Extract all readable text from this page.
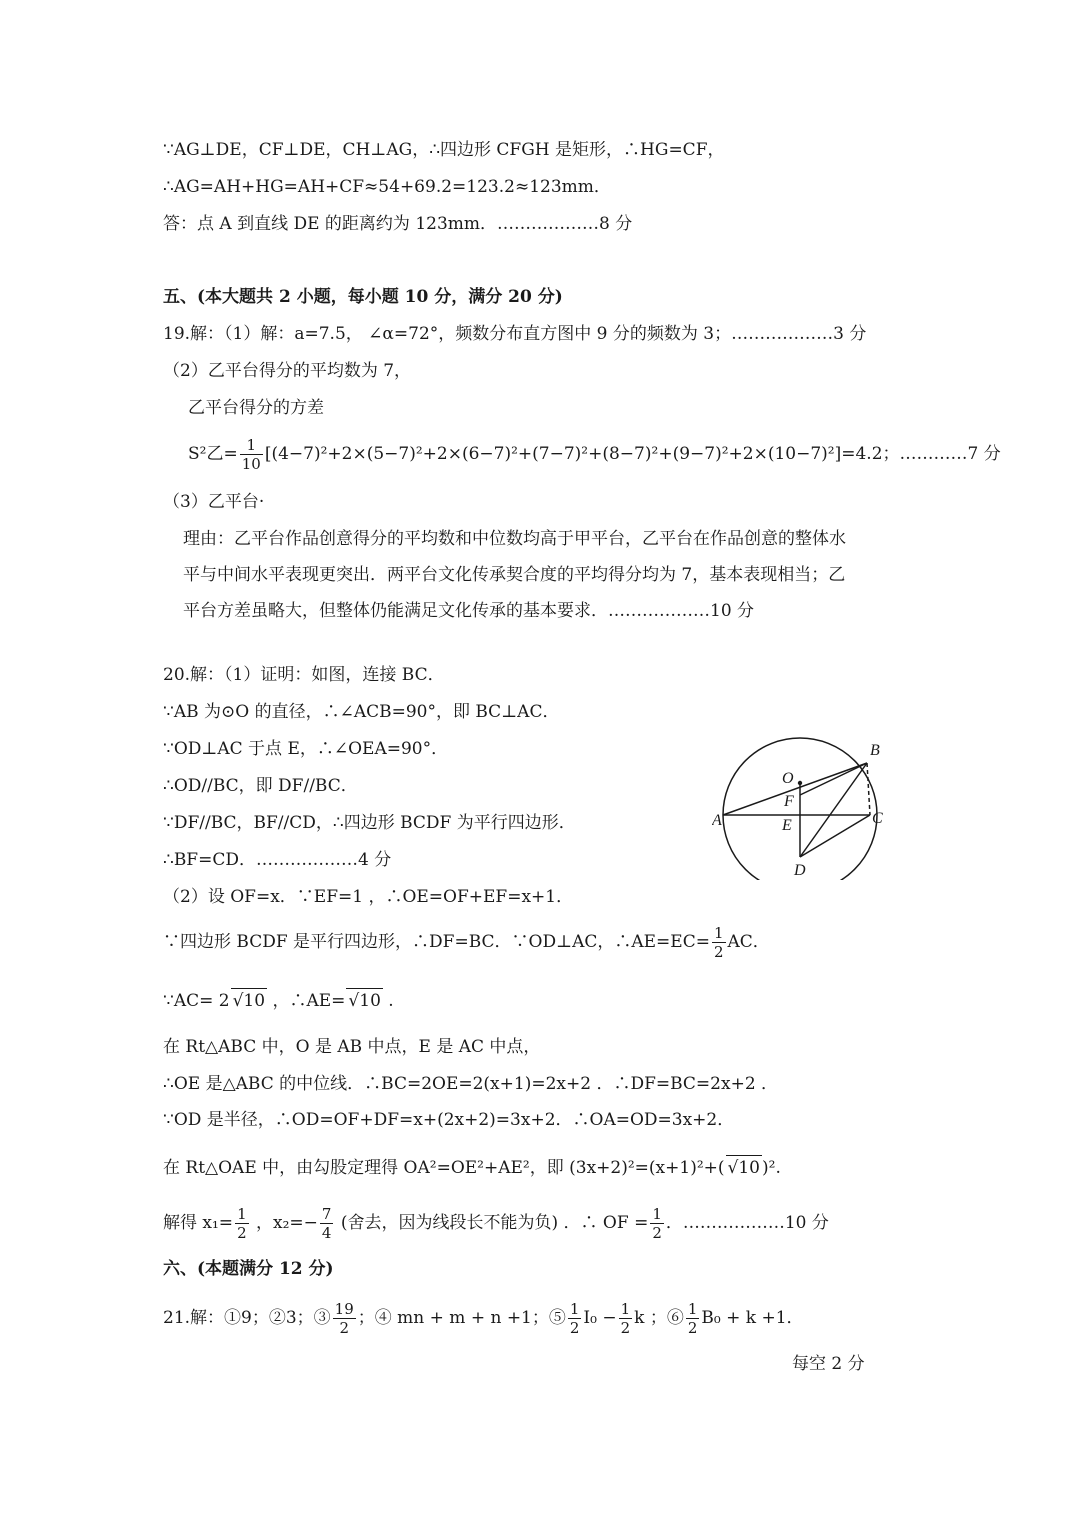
∵AG⊥DE，CF⊥DE，CH⊥AG，∴四边形 CFGH 是矩形，∴HG=CF，
∴AG=AH+HG=AH+CF≈54+69.2=123.2≈123mm．
答：点 A 到直线 DE 的距离约为 123mm．………………8 分
五、(本大题共 2 小题，每小题 10 分，满分 20 分)
19.解：（1）解：a=7.5， ∠α=72°，频数分布直方图中 9 分的频数为 3；………………3 分
（2）乙平台得分的平均数为 7，
乙平台得分的方差
S²乙= $\frac{1}{10} [(4-7)^2+2\times(5-7)^2+2\times(6-7)^2+(7-7)^2+(8-7)^2+(9-7)^2+2\times(10-7)^2]=4.2$；…………7 分
（3）乙平台·
理由：乙平台作品创意得分的平均数和中位数均高于甲平台，乙平台在作品创意的整体水
平与中间水平表现更突出．两平台文化传承契合度的平均得分均为 7，基本表现相当；乙
平台方差虽略大，但整体仍能满足文化传承的基本要求．………………10 分
20.解：（1）证明：如图，连接 BC．
∵AB 为⊙O 的直径，∴∠ACB=90°，即 BC⊥AC．
∵OD⊥AC 于点 E，∴∠OEA=90°．
∴OD//BC，即 DF//BC．
∵DF//BC，BF//CD，∴四边形 BCDF 为平行四边形．
∴BF=CD．………………4 分
（2）设 OF=x．∵EF=1 ，∴OE=OF+EF=x+1．
∵四边形 BCDF 是平行四边形，∴DF=BC．∵OD⊥AC，∴AE=EC= $\frac{1}{2}$ AC．
∵AC= 2 √10 ，∴AE= √10 .
在 Rt△ABC 中，O 是 AB 中点，E 是 AC 中点，
∴OE 是△ABC 的中位线．∴BC=2OE=2(x+1)=2x+2 ．∴DF=BC=2x+2 ．
∵OD 是半径，∴OD=OF+DF=x+(2x+2)=3x+2．∴OA=OD=3x+2．
在 Rt△OAE 中，由勾股定理得 OA²=OE²+AE²，即 (3x+2)²=(x+1)²+( √10 )².
解得 $x_1= \frac{1}{2}$ ，$x_2=- \frac{7}{4}$ (舍去，因为线段长不能为负) ．∴ OF = $\frac{1}{2}$ ．………………10 分
六、(本题满分 12 分)
21.解：①9；②3；③ $\frac{19}{2}$ ；④ mn + m + n +1；⑤ $\frac{1}{2} I_0 - \frac{1}{2}$ k ；⑥ $\frac{1}{2} B_0 + k +1$．
每空 2 分
O
B
F
A	E	C
D
